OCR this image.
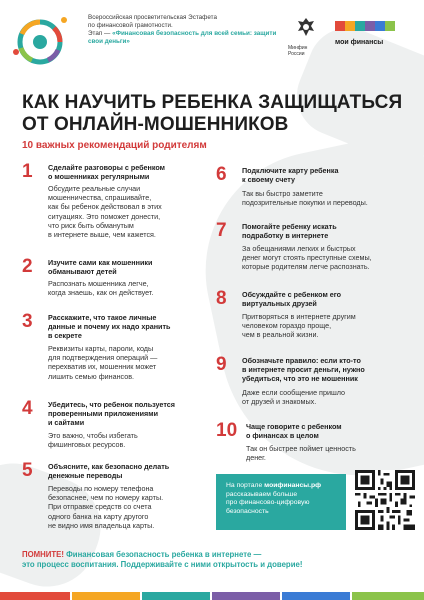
Всероссийская просветительская Эстафета
по финансовой грамотности.
Этап — «Финансовая безопасность для всей семьи: защити свои деньги»
Минфин России
мои финансы
КАК НАУЧИТЬ РЕБЕНКА ЗАЩИЩАТЬСЯ
ОТ ОНЛАЙН-МОШЕННИКОВ
10 важных рекомендаций родителям
1 Сделайте разговоры с ребенком
о мошенниках регулярными
Обсудите реальные случаи
мошенничества, спрашивайте,
как бы ребенок действовал в этих
ситуациях. Это поможет донести,
что риск быть обманутым
в интернете выше, чем кажется.
2 Изучите сами как мошенники
обманывают детей
Распознать мошенника легче,
когда знаешь, как он действует.
3 Расскажите, что такое личные
данные и почему их надо хранить
в секрете
Реквизиты карты, пароли, коды
для подтверждения операций —
перехватив их, мошенник может
лишить семью финансов.
4 Убедитесь, что ребенок пользуется
проверенными приложениями
и сайтами
Это важно, чтобы избегать
фишинговых ресурсов.
5 Объясните, как безопасно делать
денежные переводы
Переводы по номеру телефона
безопаснее, чем по номеру карты.
При отправке средств со счета
одного банка на карту другого
не видно имя владельца карты.
6 Подключите карту ребенка
к своему счету
Так вы быстро заметите
подозрительные покупки и переводы.
7 Помогайте ребенку искать
подработку в интернете
За обещаниями легких и быстрых
денег могут стоять преступные схемы,
которые родителям легче распознать.
8 Обсуждайте с ребенком его
виртуальных друзей
Притворяться в интернете другим
человеком гораздо проще,
чем в реальной жизни.
9 Обозначьте правило: если кто-то
в интернете просит деньги, нужно
убедиться, что это не мошенник
Даже если сообщение пришло
от друзей и знакомых.
10 Чаще говорите с ребенком
о финансах в целом
Так он быстрее поймет ценность
денег.
На портале моифинансы.рф
рассказываем больше
про финансово-цифровую
безопасность
ПОМНИТЕ! Финансовая безопасность ребенка в интернете —
это процесс воспитания. Поддерживайте с ними открытость и доверие!
